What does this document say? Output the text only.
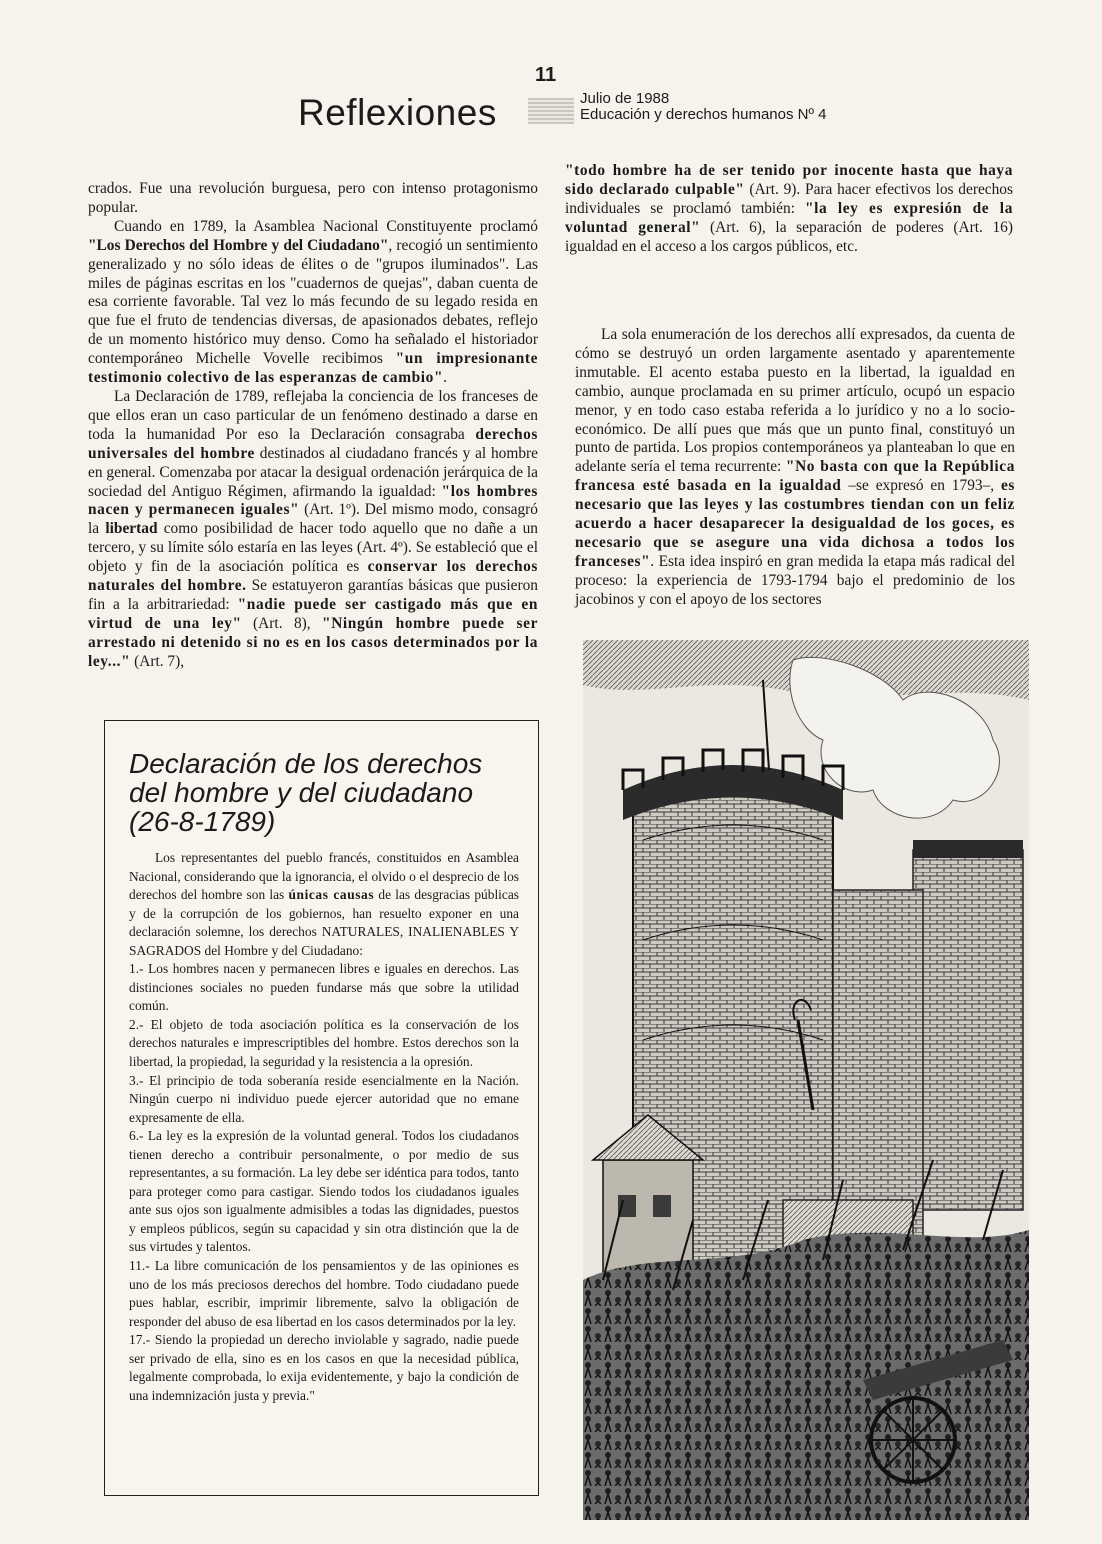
11
Reflexiones	Julio de 1988
Educación y derechos humanos Nº 4

crados. Fue una revolución burguesa, pero con intenso protagonismo popular.

Cuando en 1789, la Asamblea Nacional Constituyente proclamó "Los Derechos del Hombre y del Ciudadano", recogió un sentimiento generalizado y no sólo ideas de élites o de "grupos iluminados". Las miles de páginas escritas en los "cuadernos de quejas", daban cuenta de esa corriente favorable. Tal vez lo más fecundo de su legado resida en que fue el fruto de tendencias diversas, de apasionados debates, reflejo de un momento histórico muy denso. Como ha señalado el historiador contemporáneo Michelle Vovelle recibimos "un impresionante testimonio colectivo de las esperanzas de cambio".

La Declaración de 1789, reflejaba la conciencia de los franceses de que ellos eran un caso particular de un fenómeno destinado a darse en toda la humanidad Por eso la Declaración consagraba derechos universales del hombre destinados al ciudadano francés y al hombre en general. Comenzaba por atacar la desigual ordenación jerárquica de la sociedad del Antiguo Régimen, afirmando la igualdad: "los hombres nacen y permanecen iguales" (Art. 1º). Del mismo modo, consagró la libertad como posibilidad de hacer todo aquello que no dañe a un tercero, y su límite sólo estaría en las leyes (Art. 4º). Se estableció que el objeto y fin de la asociación política es conservar los derechos naturales del hombre. Se estatuyeron garantías básicas que pusieron fin a la arbitrariedad: "nadie puede ser castigado más que en virtud de una ley" (Art. 8), "Ningún hombre puede ser arrestado ni detenido si no es en los casos determinados por la ley..." (Art. 7),

"todo hombre ha de ser tenido por inocente hasta que haya sido declarado culpable" (Art. 9). Para hacer efectivos los derechos individuales se proclamó también: "la ley es expresión de la voluntad general" (Art. 6), la separación de poderes (Art. 16) igualdad en el acceso a los cargos públicos, etc.

La sola enumeración de los derechos allí expresados, da cuenta de cómo se destruyó un orden largamente asentado y aparentemente inmutable. El acento estaba puesto en la libertad, la igualdad en cambio, aunque proclamada en su primer artículo, ocupó un espacio menor, y en todo caso estaba referida a lo jurídico y no a lo socio-económico. De allí pues que más que un punto final, constituyó un punto de partida. Los propios contemporáneos ya planteaban lo que en adelante sería el tema recurrente: "No basta con que la República francesa esté basada en la igualdad –se expresó en 1793–, es necesario que las leyes y las costumbres tiendan con un feliz acuerdo a hacer desaparecer la desigualdad de los goces, es necesario que se asegure una vida dichosa a todos los franceses". Esta idea inspiró en gran medida la etapa más radical del proceso: la experiencia de 1793-1794 bajo el predominio de los jacobinos y con el apoyo de los sectores

Declaración de los derechos del hombre y del ciudadano (26-8-1789)

Los representantes del pueblo francés, constituidos en Asamblea Nacional, considerando que la ignorancia, el olvido o el desprecio de los derechos del hombre son las únicas causas de las desgracias públicas y de la corrupción de los gobiernos, han resuelto exponer en una declaración solemne, los derechos NATURALES, INALIENABLES Y SAGRADOS del Hombre y del Ciudadano:

1.- Los hombres nacen y permanecen libres e iguales en derechos. Las distinciones sociales no pueden fundarse más que sobre la utilidad común.

2.- El objeto de toda asociación política es la conservación de los derechos naturales e imprescriptibles del hombre. Estos derechos son la libertad, la propiedad, la seguridad y la resistencia a la opresión.

3.- El principio de toda soberanía reside esencialmente en la Nación. Ningún cuerpo ni individuo puede ejercer autoridad que no emane expresamente de ella.

6.- La ley es la expresión de la voluntad general. Todos los ciudadanos tienen derecho a contribuir personalmente, o por medio de sus representantes, a su formación. La ley debe ser idéntica para todos, tanto para proteger como para castigar. Siendo todos los ciudadanos iguales ante sus ojos son igualmente admisibles a todas las dignidades, puestos y empleos públicos, según su capacidad y sin otra distinción que la de sus virtudes y talentos.

11.- La libre comunicación de los pensamientos y de las opiniones es uno de los más preciosos derechos del hombre. Todo ciudadano puede pues hablar, escribir, imprimir libremente, salvo la obligación de responder del abuso de esa libertad en los casos determinados por la ley.

17.- Siendo la propiedad un derecho inviolable y sagrado, nadie puede ser privado de ella, sino es en los casos en que la necesidad pública, legalmente comprobada, lo exija evidentemente, y bajo la condición de una indemnización justa y previa."
